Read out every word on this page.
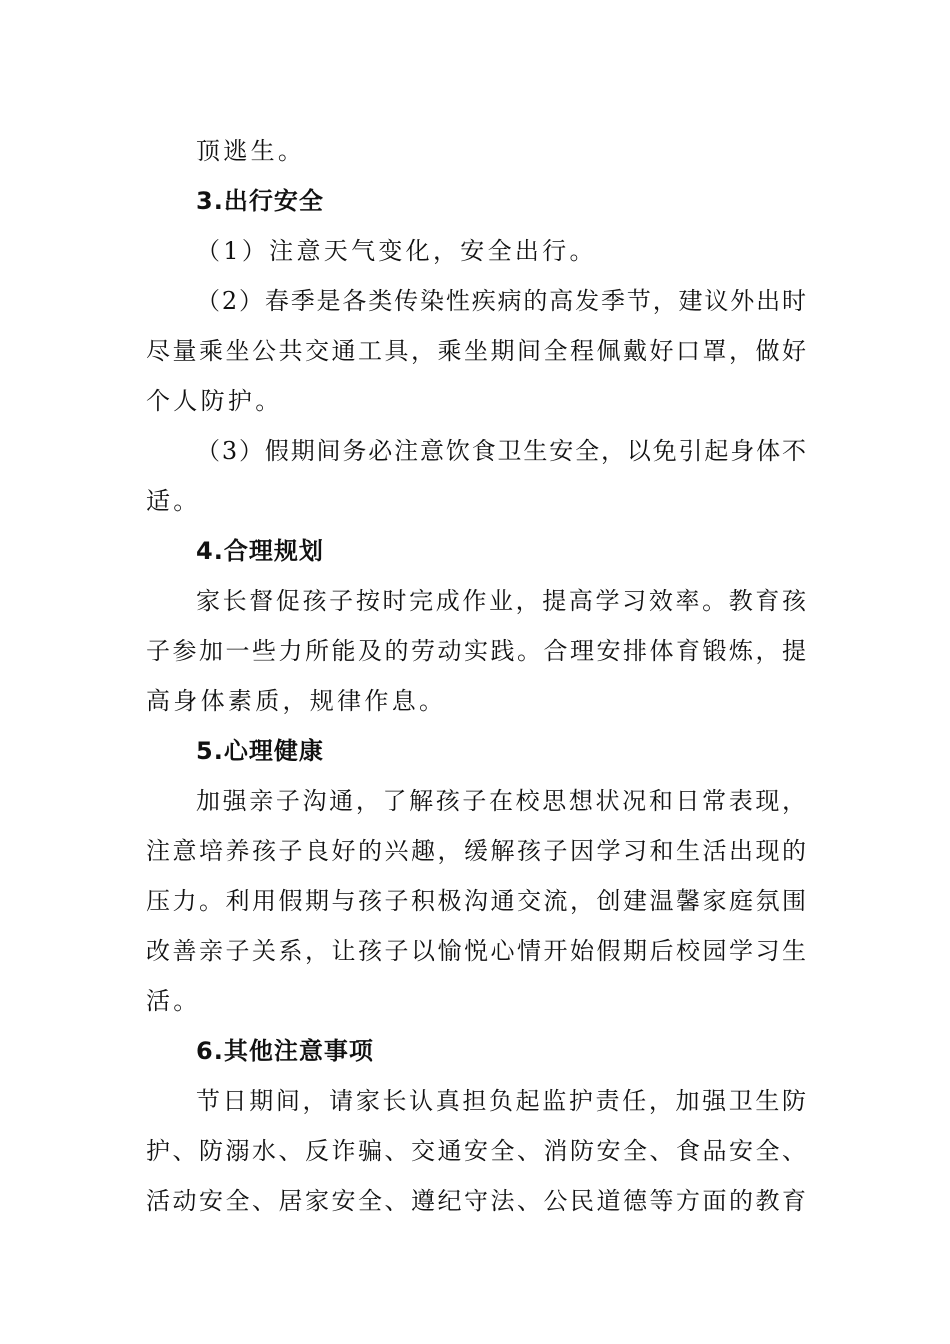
顶逃生。
3.出行安全
（1）注意天气变化，安全出行。
（2）春季是各类传染性疾病的高发季节，建议外出时
尽量乘坐公共交通工具，乘坐期间全程佩戴好口罩，做好
个人防护。
（3）假期间务必注意饮食卫生安全，以免引起身体不
适。
4.合理规划
家长督促孩子按时完成作业，提高学习效率。教育孩
子参加一些力所能及的劳动实践。合理安排体育锻炼，提
高身体素质，规律作息。
5.心理健康
加强亲子沟通，了解孩子在校思想状况和日常表现，
注意培养孩子良好的兴趣，缓解孩子因学习和生活出现的
压力。利用假期与孩子积极沟通交流，创建温馨家庭氛围
改善亲子关系，让孩子以愉悦心情开始假期后校园学习生
活。
6.其他注意事项
节日期间，请家长认真担负起监护责任，加强卫生防
护、防溺水、反诈骗、交通安全、消防安全、食品安全、
活动安全、居家安全、遵纪守法、公民道德等方面的教育
